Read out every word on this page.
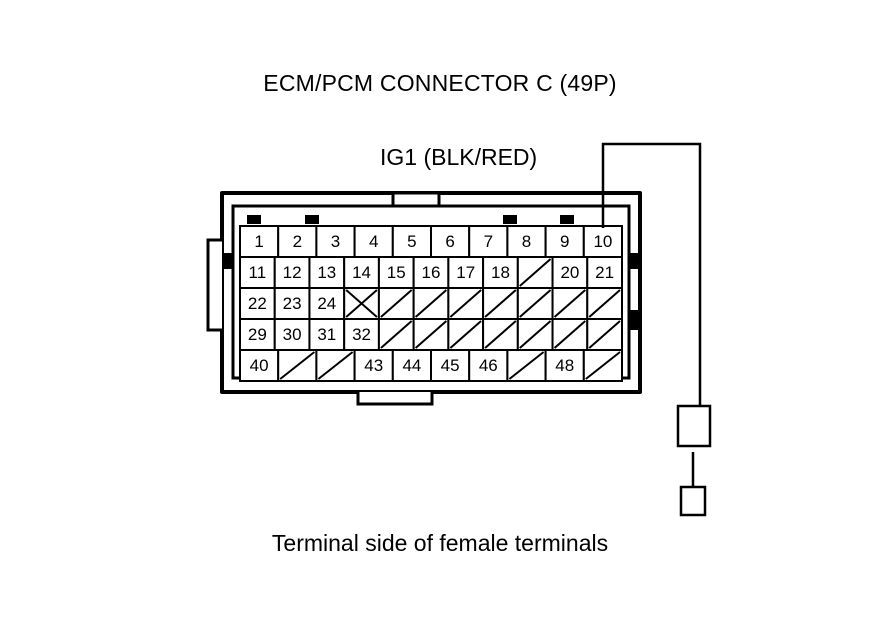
ECM/PCM CONNECTOR C (49P)
IG1 (BLK/RED)
Terminal side of female terminals
1 2 3 4 5 6 7 8 9 10
11 12 13 14 15 16 17 18	20 21
22 23 24
29 30 31 32
40	43 44 45 46	48
